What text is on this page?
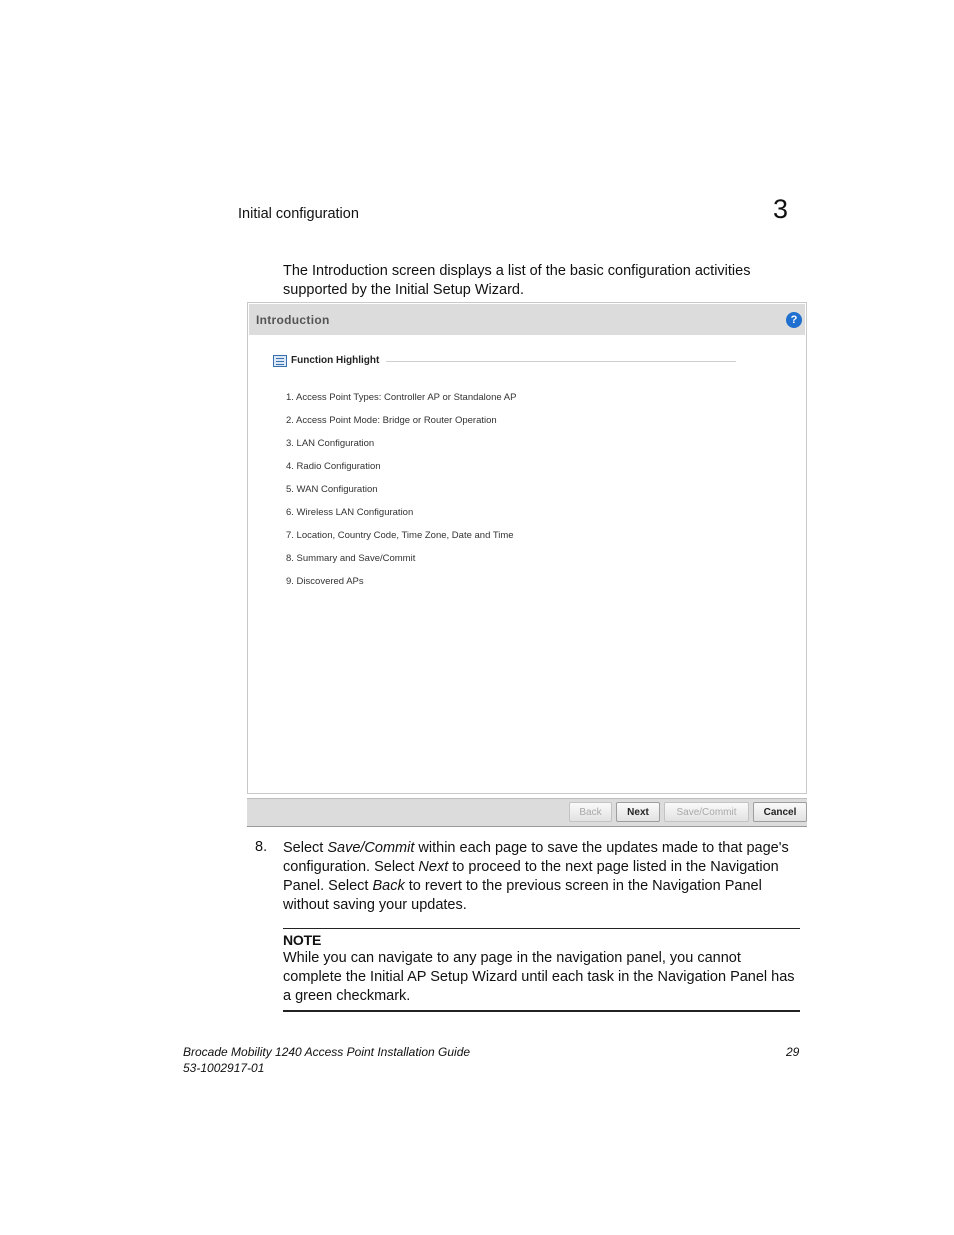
Initial configuration	3
The Introduction screen displays a list of the basic configuration activities supported by the Initial Setup Wizard.
Introduction	?
Function Highlight
1. Access Point Types: Controller AP or Standalone AP
2. Access Point Mode: Bridge or Router Operation
3. LAN Configuration
4. Radio Configuration
5. WAN Configuration
6. Wireless LAN Configuration
7. Location, Country Code, Time Zone, Date and Time
8. Summary and Save/Commit
9. Discovered APs
Back	Next	Save/Commit	Cancel
8. Select Save/Commit within each page to save the updates made to that page's configuration. Select Next to proceed to the next page listed in the Navigation Panel. Select Back to revert to the previous screen in the Navigation Panel without saving your updates.
NOTE
While you can navigate to any page in the navigation panel, you cannot complete the Initial AP Setup Wizard until each task in the Navigation Panel has a green checkmark.
Brocade Mobility 1240 Access Point Installation Guide
53-1002917-01
29
